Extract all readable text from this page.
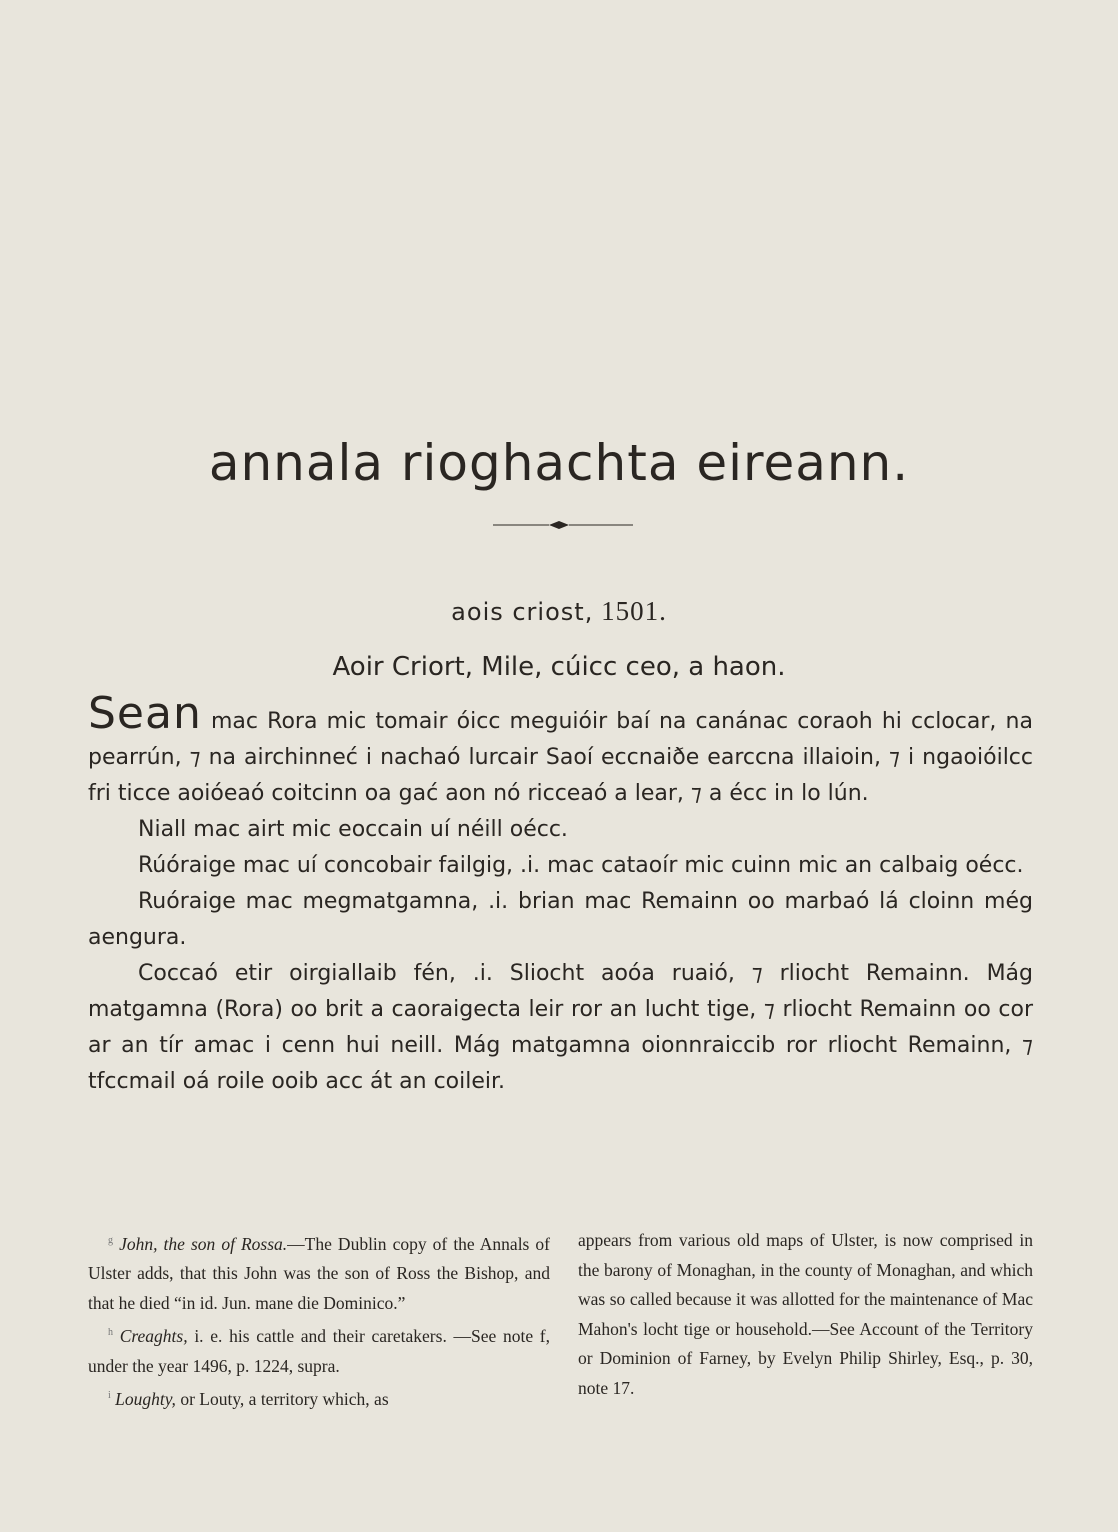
annala rioghachta eireann.
aois criost, 1501.
Aoir Criort, Mile, cúicc ceo, a haon.

Sean mac Rora mic tomair óicc meguióir baí na canánac coraoh hi cclocar, na pearrún, ⁊ na airchinneć i nachaó lurcair Saoí eccnaiðe earccna illaioin, ⁊ i ngaoióilcc fri ticce aoióeaó coitcinn oa gać aon nó ricceaó a lear, ⁊ a écc in lo lún.

Niall mac airt mic eoccain uí néill oécc.

Rúóraige mac uí concobair failgig, .i. mac cataoír mic cuinn mic an calbaig oécc.

Ruóraige mac megmatgamna, .i. brian mac Remainn oo marbaó lá cloinn még aengura.

Coccaó etir oirgiallaib fén, .i. Sliocht aoóa ruaió, ⁊ rliocht Remainn. Mág matgamna (Rora) oo brit a caoraigecta leir ror an lucht tige, ⁊ rliocht Remainn oo cor ar an tír amac i cenn hui neill. Mág matgamna oionnraiccib ror rliocht Remainn, ⁊ tfccmail oá roile ooib acc át an coileir.

$^g$ John, the son of Rossa.—The Dublin copy of the Annals of Ulster adds, that this John was the son of Ross the Bishop, and that he died “in id. Jun. mane die Dominico.”

$^h$ Creaghts, i. e. his cattle and their caretakers. —See note f, under the year 1496, p. 1224, supra.

$^i$ Loughty, or Louty, a territory which, as

appears from various old maps of Ulster, is now comprised in the barony of Monaghan, in the county of Monaghan, and which was so called because it was allotted for the maintenance of Mac Mahon's locht tige or household.—See Account of the Territory or Dominion of Farney, by Evelyn Philip Shirley, Esq., p. 30, note 17.
